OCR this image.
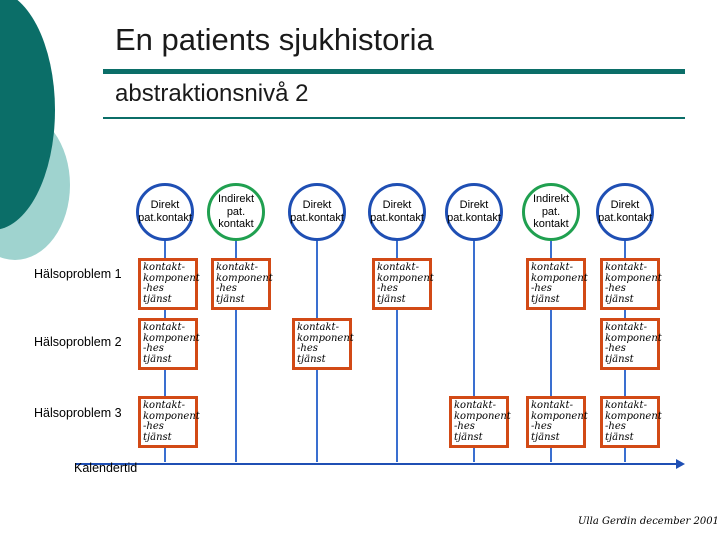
En patients sjukhistoria
abstraktionsnivå 2
Kalendertid
Ulla Gerdin december 2001
Direkt
pat.kontakt
Indirekt
pat. kontakt
Direkt
pat.kontakt
Direkt
pat.kontakt
Direkt
pat.kontakt
Indirekt
pat. kontakt
Direkt
pat.kontakt
Hälsoproblem 1
Hälsoproblem 2
Hälsoproblem 3
kontakt-
komponent
-hes tjänst
kontakt-
komponent
-hes tjänst
kontakt-
komponent
-hes tjänst
kontakt-
komponent
-hes tjänst
kontakt-
komponent
-hes tjänst
kontakt-
komponent
-hes tjänst
kontakt-
komponent
-hes tjänst
kontakt-
komponent
-hes tjänst
kontakt-
komponent
-hes tjänst
kontakt-
komponent
-hes tjänst
kontakt-
komponent
-hes tjänst
kontakt-
komponent
-hes tjänst
